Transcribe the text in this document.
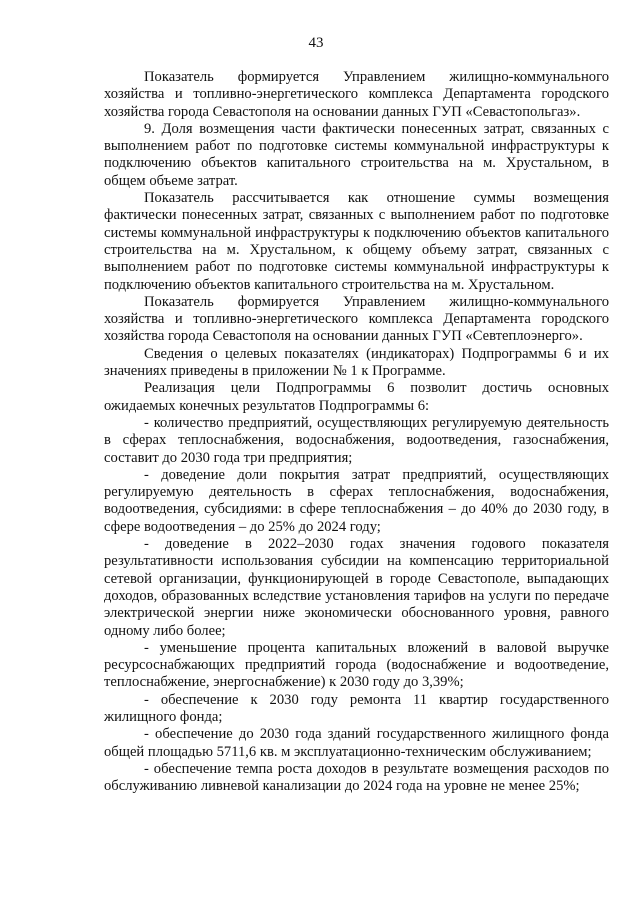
43

Показатель формируется Управлением жилищно-коммунального хозяйства и топливно-энергетического комплекса Департамента городского хозяйства города Севастополя на основании данных ГУП «Севастопольгаз».

9. Доля возмещения части фактически понесенных затрат, связанных с выполнением работ по подготовке системы коммунальной инфраструктуры к подключению объектов капитального строительства на м. Хрустальном, в общем объеме затрат.

Показатель рассчитывается как отношение суммы возмещения фактически понесенных затрат, связанных с выполнением работ по подготовке системы коммунальной инфраструктуры к подключению объектов капитального строительства на м. Хрустальном, к общему объему затрат, связанных с выполнением работ по подготовке системы коммунальной инфраструктуры к подключению объектов капитального строительства на м. Хрустальном.

Показатель формируется Управлением жилищно-коммунального хозяйства и топливно-энергетического комплекса Департамента городского хозяйства города Севастополя на основании данных ГУП «Севтеплоэнерго».

Сведения о целевых показателях (индикаторах) Подпрограммы 6 и их значениях приведены в приложении № 1 к Программе.

Реализация цели Подпрограммы 6 позволит достичь основных ожидаемых конечных результатов Подпрограммы 6:

- количество предприятий, осуществляющих регулируемую деятельность в сферах теплоснабжения, водоснабжения, водоотведения, газоснабжения, составит до 2030 года три предприятия;

- доведение доли покрытия затрат предприятий, осуществляющих регулируемую деятельность в сферах теплоснабжения, водоснабжения, водоотведения, субсидиями: в сфере теплоснабжения – до 40% до 2030 году, в сфере водоотведения – до 25% до 2024 году;

- доведение в 2022–2030 годах значения годового показателя результативности использования субсидии на компенсацию территориальной сетевой организации, функционирующей в городе Севастополе, выпадающих доходов, образованных вследствие установления тарифов на услуги по передаче электрической энергии ниже экономически обоснованного уровня, равного одному либо более;

- уменьшение процента капитальных вложений в валовой выручке ресурсоснабжающих предприятий города (водоснабжение и водоотведение, теплоснабжение, энергоснабжение) к 2030 году до 3,39%;

- обеспечение к 2030 году ремонта 11 квартир государственного жилищного фонда;

- обеспечение до 2030 года зданий государственного жилищного фонда общей площадью 5711,6 кв. м эксплуатационно-техническим обслуживанием;

- обеспечение темпа роста доходов в результате возмещения расходов по обслуживанию ливневой канализации до 2024 года на уровне не менее 25%;
